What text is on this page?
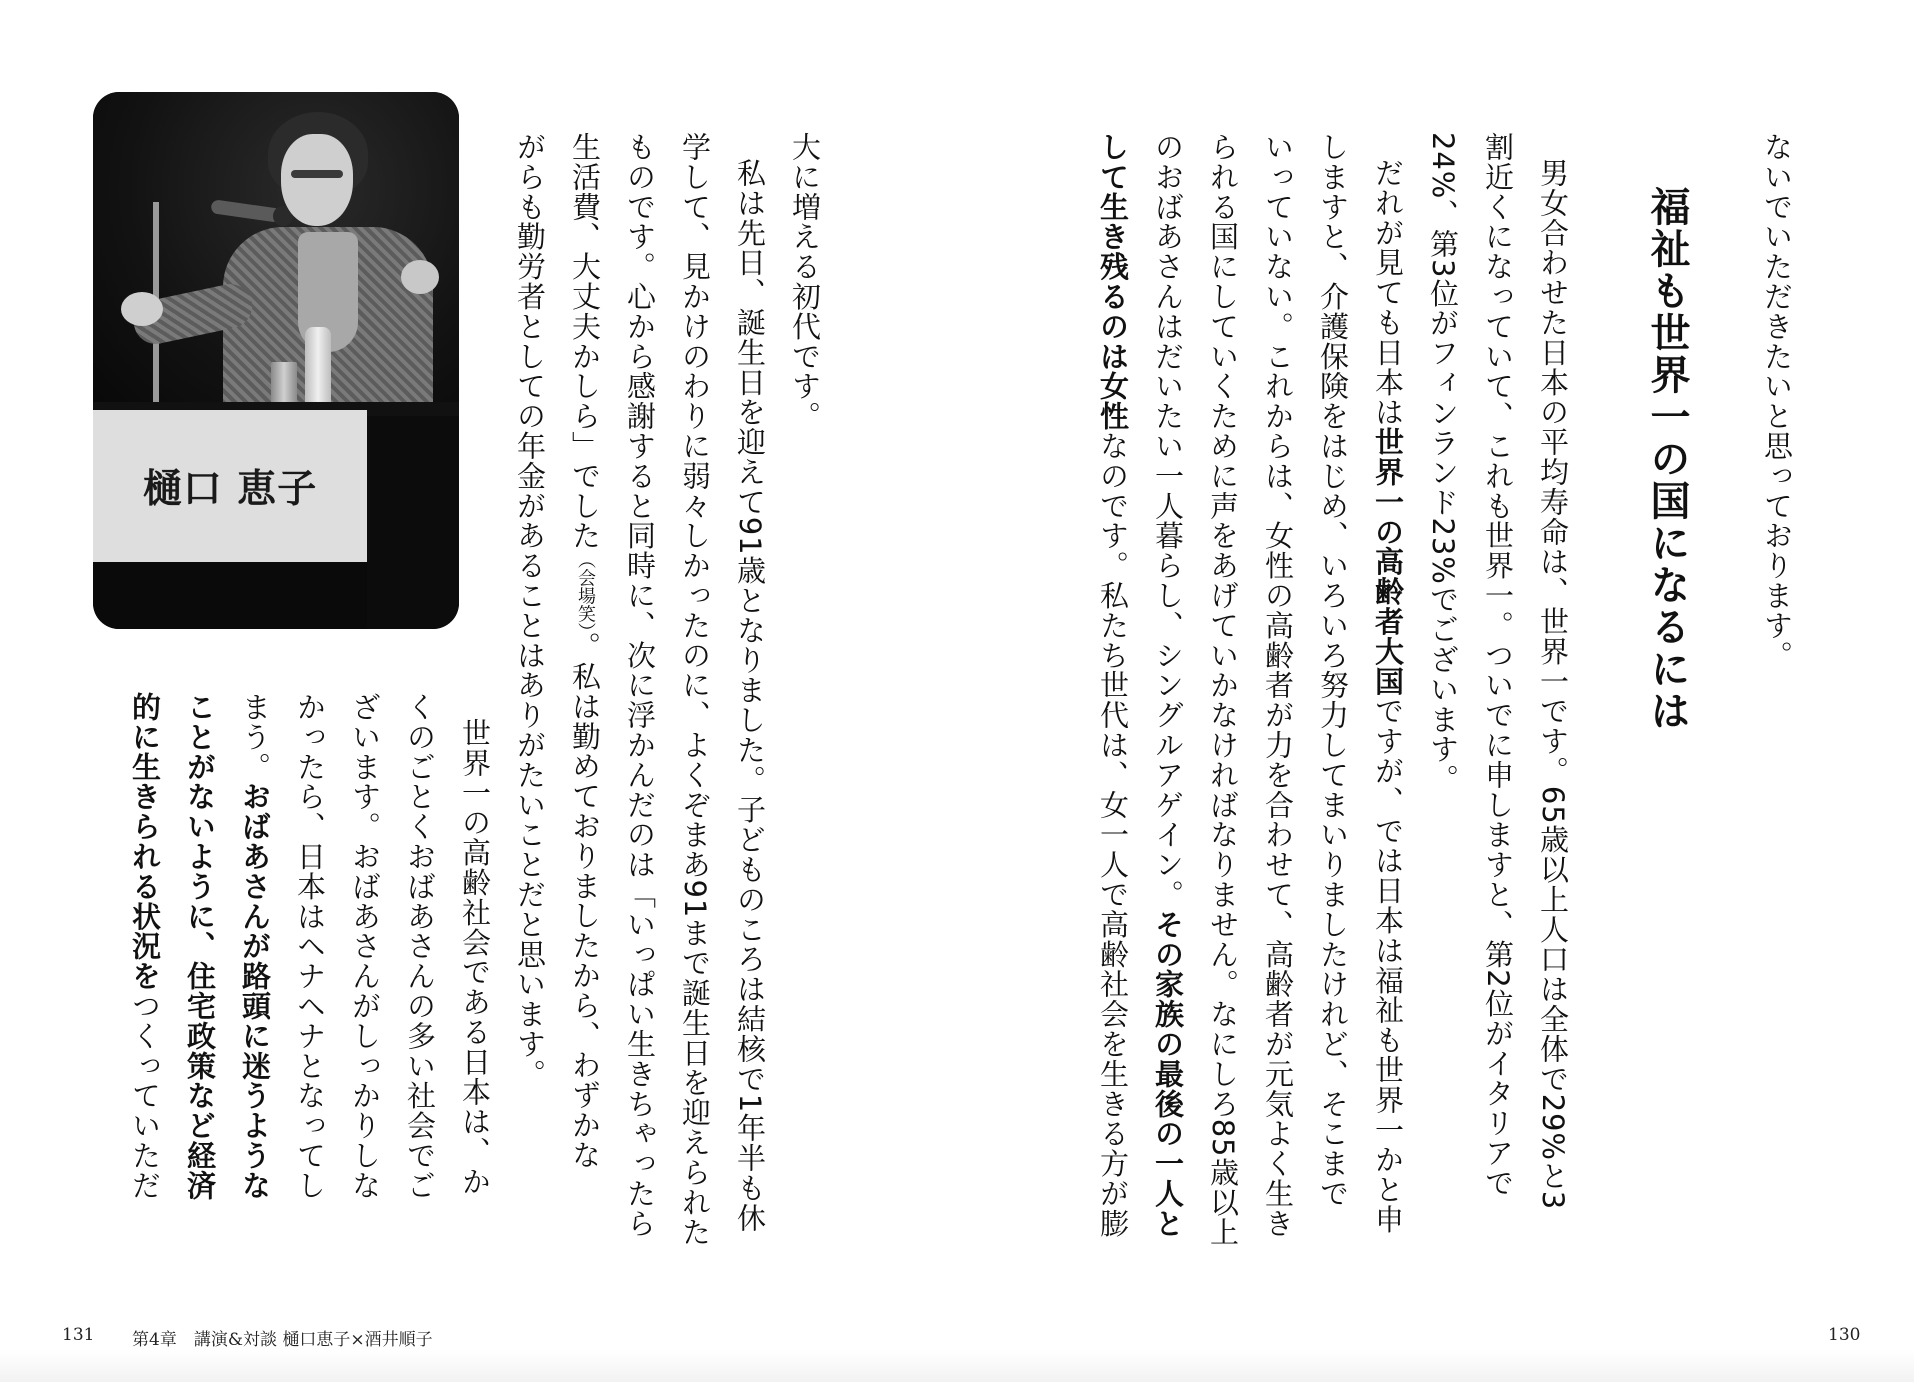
ないでいただきたいと思っております。
福祉も世界一の国になるには
男女合わせた日本の平均寿命は、世界一です。65歳以上人口は全体で29%と3
割近くになっていて、これも世界一。ついでに申しますと、第2位がイタリアで
24%、第3位がフィンランド23%でございます。
だれが見ても日本は世界一の高齢者大国ですが、では日本は福祉も世界一かと申
しますと、介護保険をはじめ、いろいろ努力してまいりましたけれど、そこまで
いっていない。これからは、女性の高齢者が力を合わせて、高齢者が元気よく生き
られる国にしていくために声をあげていかなければなりません。なにしろ85歳以上
のおばあさんはだいたい一人暮らし、シングルアゲイン。その家族の最後の一人と
して生き残るのは女性なのです。私たち世代は、女一人で高齢社会を生きる方が膨
130
大に増える初代です。
私は先日、誕生日を迎えて91歳となりました。子どものころは結核で1年半も休
学して、見かけのわりに弱々しかったのに、よくぞまあ91まで誕生日を迎えられた
ものです。心から感謝すると同時に、次に浮かんだのは「いっぱい生きちゃったら
生活費、大丈夫かしら」でした（会場笑）。私は勤めておりましたから、わずかな
がらも勤労者としての年金があることはありがたいことだと思います。
世界一の高齢社会である日本は、か
くのごとくおばあさんの多い社会でご
ざいます。おばあさんがしっかりしな
かったら、日本はヘナヘナとなってし
まう。おばあさんが路頭に迷うような
ことがないように、住宅政策など経済
的に生きられる状況をつくっていただ
樋口 恵子
131 第4章　講演&対談 樋口恵子×酒井順子
